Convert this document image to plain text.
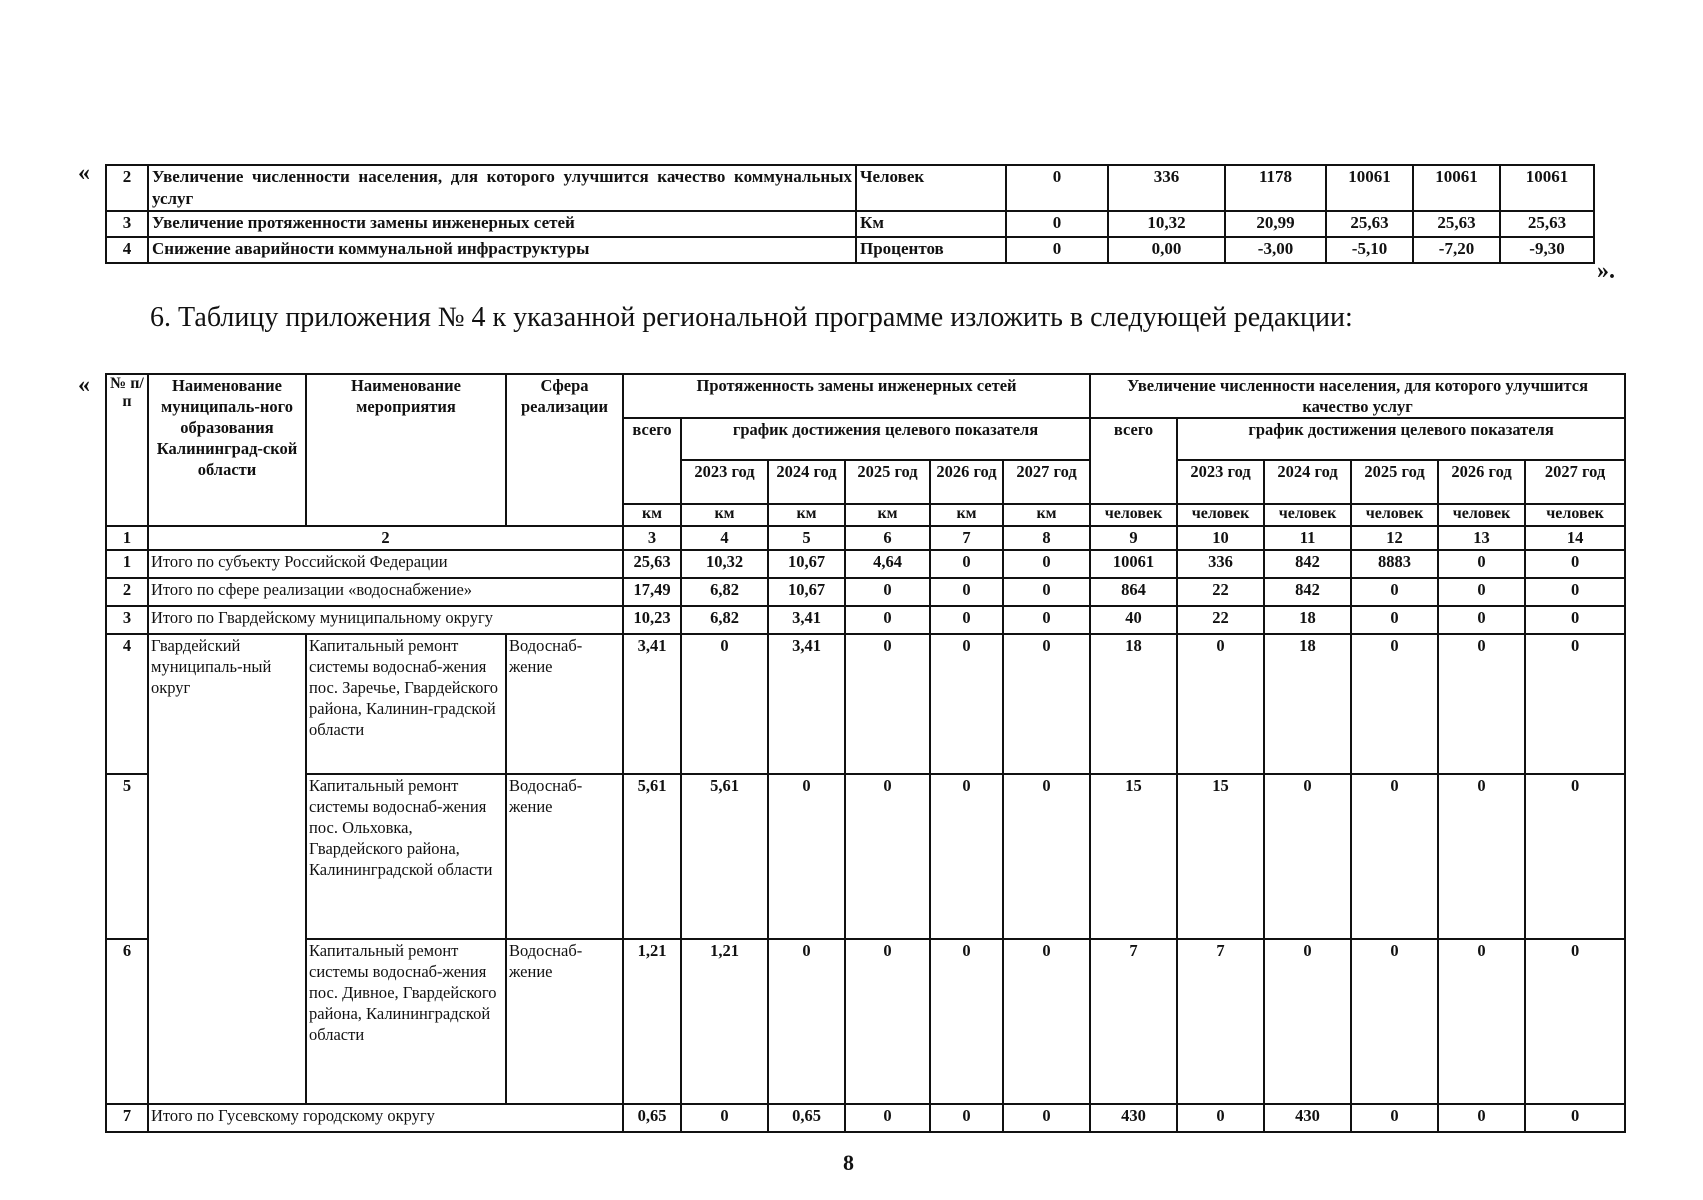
« 2	Увеличение численности населения, для которого улучшится качество коммунальных услуг	Человек	0	336	1178	10061	10061	10061
3	Увеличение протяженности замены инженерных сетей	Км	0	10,32	20,99	25,63	25,63	25,63
4	Снижение аварийности коммунальной инфраструктуры	Процентов	0	0,00	-3,00	-5,10	-7,20	-9,30
».
6. Таблицу приложения № 4 к указанной региональной программе изложить в следующей редакции:
« № п/п	Наименование муниципаль-ного образования Калининград-ской области	Наименование мероприятия	Сфера реализации	Протяженность замены инженерных сетей						Увеличение численности населения, для которого улучшится качество услуг					
				всего	график достижения целевого показателя					всего	график достижения целевого показателя				
					2023 год	2024 год	2025 год	2026 год	2027 год		2023 год	2024 год	2025 год	2026 год	2027 год
				км	км	км	км	км	км	человек	человек	человек	человек	человек	человек
1	2			3	4	5	6	7	8	9	10	11	12	13	14
1	Итого по субъекту Российской Федерации			25,63	10,32	10,67	4,64	0	0	10061	336	842	8883	0	0
2	Итого по сфере реализации «водоснабжение»			17,49	6,82	10,67	0	0	0	864	22	842	0	0	0
3	Итого по Гвардейскому муниципальному округу			10,23	6,82	3,41	0	0	0	40	22	18	0	0	0
4	Гвардейский муниципаль-ный округ	Капитальный ремонт системы водоснаб-жения пос. Заречье, Гвардейского района, Калинин-градской области	Водоснаб-жение	3,41	0	3,41	0	0	0	18	0	18	0	0	0
5		Капитальный ремонт системы водоснаб-жения пос. Ольховка, Гвардейского района, Калининградской области	Водоснаб-жение	5,61	5,61	0	0	0	0	15	15	0	0	0	0
6		Капитальный ремонт системы водоснаб-жения пос. Дивное, Гвардейского района, Калининградской области	Водоснаб-жение	1,21	1,21	0	0	0	0	7	7	0	0	0	0
7	Итого по Гусевскому городскому округу			0,65	0	0,65	0	0	0	430	0	430	0	0	0
8
